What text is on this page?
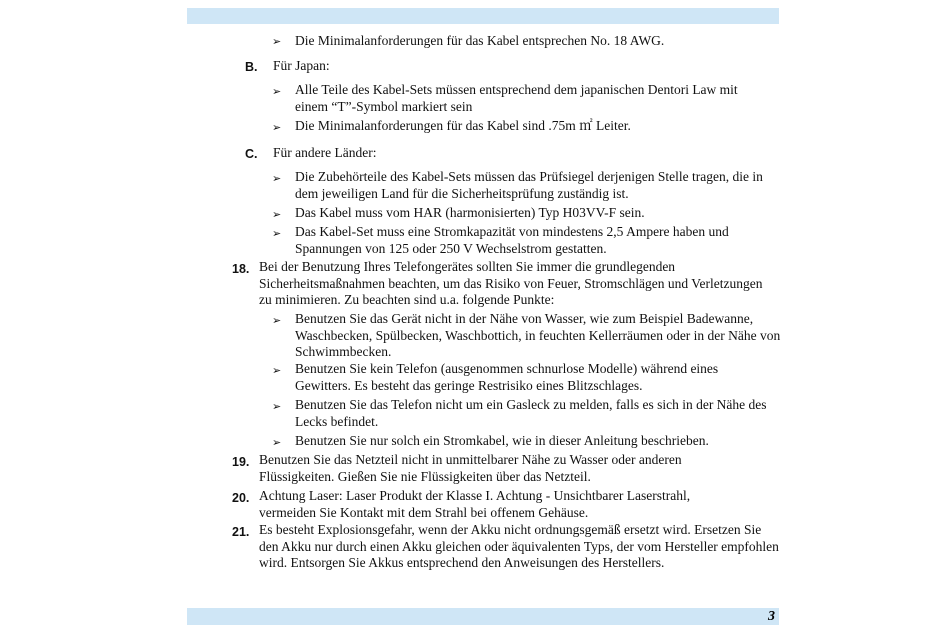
➢	Die Minimalanforderungen für das Kabel entsprechen No. 18 AWG.
B. Für Japan:
➢	Alle Teile des Kabel-Sets müssen entsprechend dem japanischen Dentori Law mit einem “T”-Symbol markiert sein
➢	Die Minimalanforderungen für das Kabel sind .75m ㎡ Leiter.
C. Für andere Länder:
➢	Die Zubehörteile des Kabel-Sets müssen das Prüfsiegel derjenigen Stelle tragen, die in dem jeweiligen Land für die Sicherheitsprüfung zuständig ist.
➢	Das Kabel muss vom HAR (harmonisierten) Typ H03VV-F sein.
➢	Das Kabel-Set muss eine Stromkapazität von mindestens 2,5 Ampere haben und Spannungen von 125 oder 250 V Wechselstrom gestatten.
18. Bei der Benutzung Ihres Telefongerätes sollten Sie immer die grundlegenden Sicherheitsmaßnahmen beachten, um das Risiko von Feuer, Stromschlägen und Verletzungen zu minimieren. Zu beachten sind u.a. folgende Punkte:
➢	Benutzen Sie das Gerät nicht in der Nähe von Wasser, wie zum Beispiel Badewanne, Waschbecken, Spülbecken, Waschbottich, in feuchten Kellerräumen oder in der Nähe von Schwimmbecken.
➢	Benutzen Sie kein Telefon (ausgenommen schnurlose Modelle) während eines Gewitters. Es besteht das geringe Restrisiko eines Blitzschlages.
➢	Benutzen Sie das Telefon nicht um ein Gasleck zu melden, falls es sich in der Nähe des Lecks befindet.
➢	Benutzen Sie nur solch ein Stromkabel, wie in dieser Anleitung beschrieben.
19. Benutzen Sie das Netzteil nicht in unmittelbarer Nähe zu Wasser oder anderen Flüssigkeiten. Gießen Sie nie Flüssigkeiten über das Netzteil.
20. Achtung Laser: Laser Produkt der Klasse I. Achtung - Unsichtbarer Laserstrahl, vermeiden Sie Kontakt mit dem Strahl bei offenem Gehäuse.
21. Es besteht Explosionsgefahr, wenn der Akku nicht ordnungsgemäß ersetzt wird. Ersetzen Sie den Akku nur durch einen Akku gleichen oder äquivalenten Typs, der vom Hersteller empfohlen wird. Entsorgen Sie Akkus entsprechend den Anweisungen des Herstellers.
3
